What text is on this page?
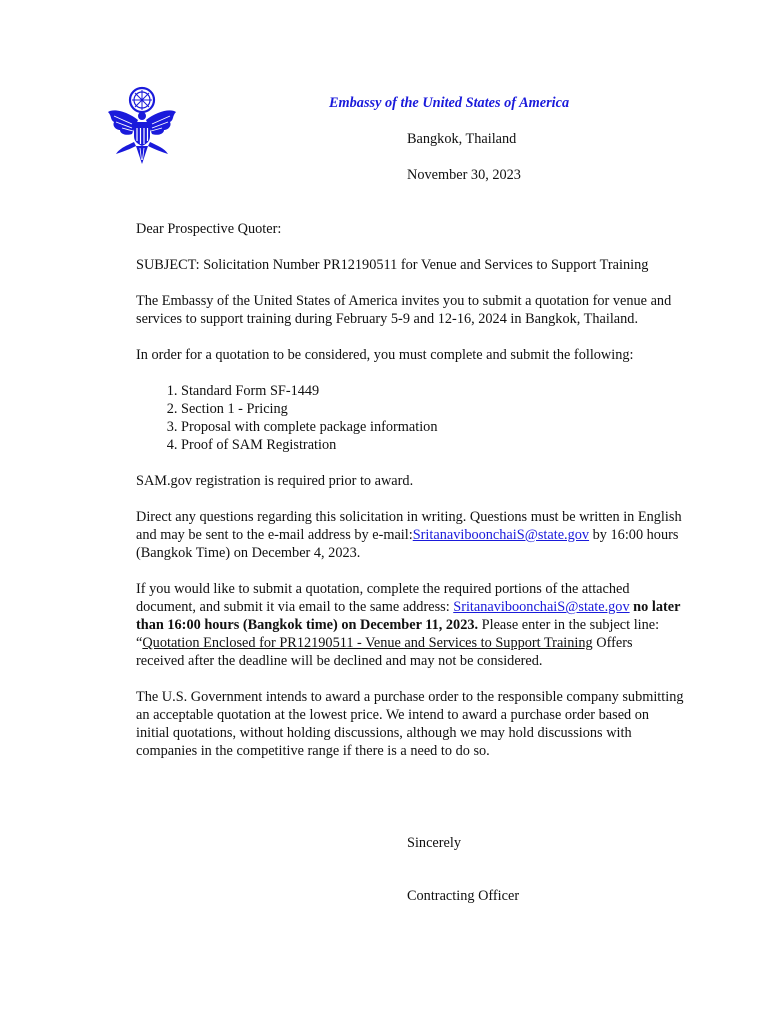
Embassy of the United States of America
Bangkok, Thailand
November 30, 2023

Dear Prospective Quoter:

SUBJECT: Solicitation Number PR12190511 for Venue and Services to Support Training

The Embassy of the United States of America invites you to submit a quotation for venue and services to support training during February 5-9 and 12-16, 2024 in Bangkok, Thailand.

In order for a quotation to be considered, you must complete and submit the following:

1. Standard Form SF-1449
2. Section 1 - Pricing
3. Proposal with complete package information
4. Proof of SAM Registration

SAM.gov registration is required prior to award.

Direct any questions regarding this solicitation in writing. Questions must be written in English and may be sent to the e-mail address by e-mail:SritanaviboonchaiS@state.gov by 16:00 hours (Bangkok Time) on December 4, 2023.

If you would like to submit a quotation, complete the required portions of the attached document, and submit it via email to the same address: SritanaviboonchaiS@state.gov no later than 16:00 hours (Bangkok time) on December 11, 2023. Please enter in the subject line: “Quotation Enclosed for PR12190511 - Venue and Services to Support Training Offers received after the deadline will be declined and may not be considered.

The U.S. Government intends to award a purchase order to the responsible company submitting an acceptable quotation at the lowest price. We intend to award a purchase order based on initial quotations, without holding discussions, although we may hold discussions with companies in the competitive range if there is a need to do so.

Sincerely
Contracting Officer
